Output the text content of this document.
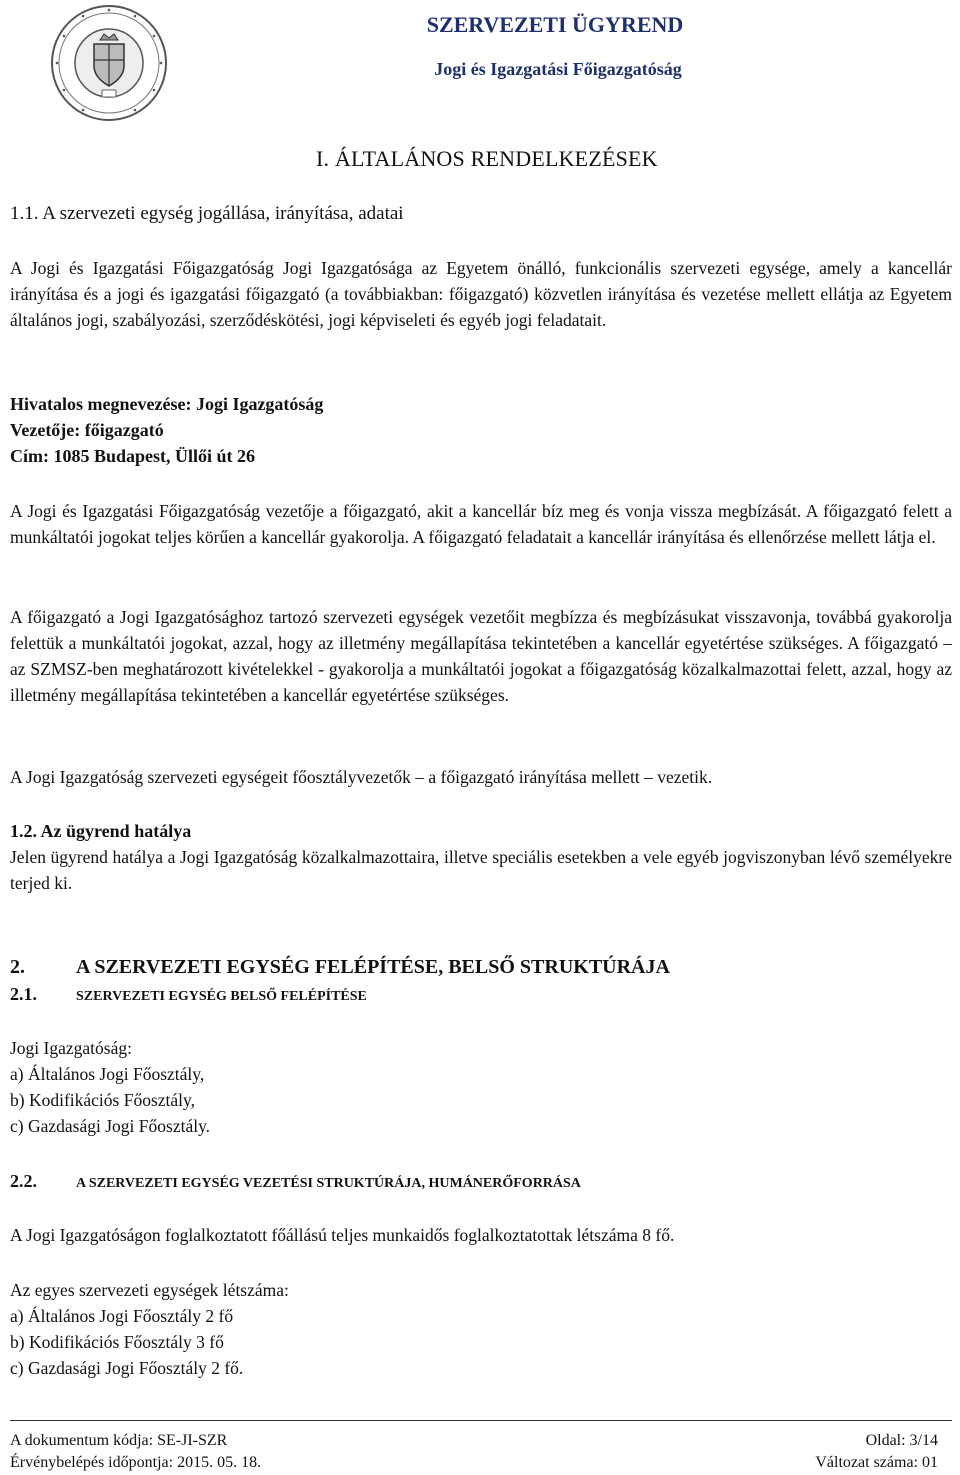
SZERVEZETI ÜGYREND
Jogi és Igazgatási Főigazgatóság
I. ÁLTALÁNOS RENDELKEZÉSEK
1.1. A szervezeti egység jogállása, irányítása, adatai

A Jogi és Igazgatási Főigazgatóság Jogi Igazgatósága az Egyetem önálló, funkcionális szervezeti egysége, amely a kancellár irányítása és a jogi és igazgatási főigazgató (a továbbiakban: főigazgató) közvetlen irányítása és vezetése mellett ellátja az Egyetem általános jogi, szabályozási, szerződéskötési, jogi képviseleti és egyéb jogi feladatait.

Hivatalos megnevezése: Jogi Igazgatóság

Vezetője: főigazgató

Cím: 1085 Budapest, Üllői út 26

A Jogi és Igazgatási Főigazgatóság vezetője a főigazgató, akit a kancellár bíz meg és vonja vissza megbízását. A főigazgató felett a munkáltatói jogokat teljes körűen a kancellár gyakorolja. A főigazgató feladatait a kancellár irányítása és ellenőrzése mellett látja el.

A főigazgató a Jogi Igazgatósághoz tartozó szervezeti egységek vezetőit megbízza és megbízásukat visszavonja, továbbá gyakorolja felettük a munkáltatói jogokat, azzal, hogy az illetmény megállapítása tekintetében a kancellár egyetértése szükséges. A főigazgató – az SZMSZ-ben meghatározott kivételekkel - gyakorolja a munkáltatói jogokat a főigazgatóság közalkalmazottai felett, azzal, hogy az illetmény megállapítása tekintetében a kancellár egyetértése szükséges.

A Jogi Igazgatóság szervezeti egységeit főosztályvezetők – a főigazgató irányítása mellett – vezetik.

1.2. Az ügyrend hatálya

Jelen ügyrend hatálya a Jogi Igazgatóság közalkalmazottaira, illetve speciális esetekben a vele egyéb jogviszonyban lévő személyekre terjed ki.

2.	A SZERVEZETI EGYSÉG FELÉPÍTÉSE, BELSŐ STRUKTÚRÁJA
2.1.	SZERVEZETI EGYSÉG BELSŐ FELÉPÍTÉSE

Jogi Igazgatóság:

a) Általános Jogi Főosztály,

b) Kodifikációs Főosztály,

c) Gazdasági Jogi Főosztály.

2.2.	A SZERVEZETI EGYSÉG VEZETÉSI STRUKTÚRÁJA, HUMÁNERŐFORRÁSA

A Jogi Igazgatóságon foglalkoztatott főállású teljes munkaidős foglalkoztatottak létszáma 8 fő.

Az egyes szervezeti egységek létszáma:

a) Általános Jogi Főosztály 2 fő

b) Kodifikációs Főosztály 3 fő

c) Gazdasági Jogi Főosztály 2 fő.

A dokumentum kódja: SE-JI-SZR	Oldal: 3/14
Érvénybelépés időpontja: 2015. 05. 18.	Változat száma: 01
